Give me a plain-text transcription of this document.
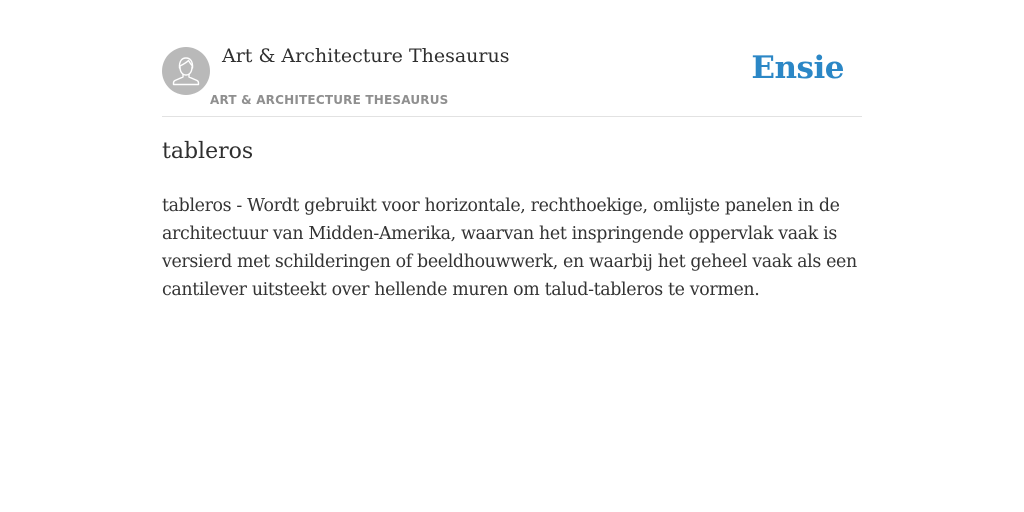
Art & Architecture Thesaurus
ART & ARCHITECTURE THESAURUS
Ensie
tableros

tableros - Wordt gebruikt voor horizontale, rechthoekige, omlijste panelen in de architectuur van Midden-Amerika, waarvan het inspringende oppervlak vaak is versierd met schilderingen of beeldhouwwerk, en waarbij het geheel vaak als een cantilever uitsteekt over hellende muren om talud-tableros te vormen.
